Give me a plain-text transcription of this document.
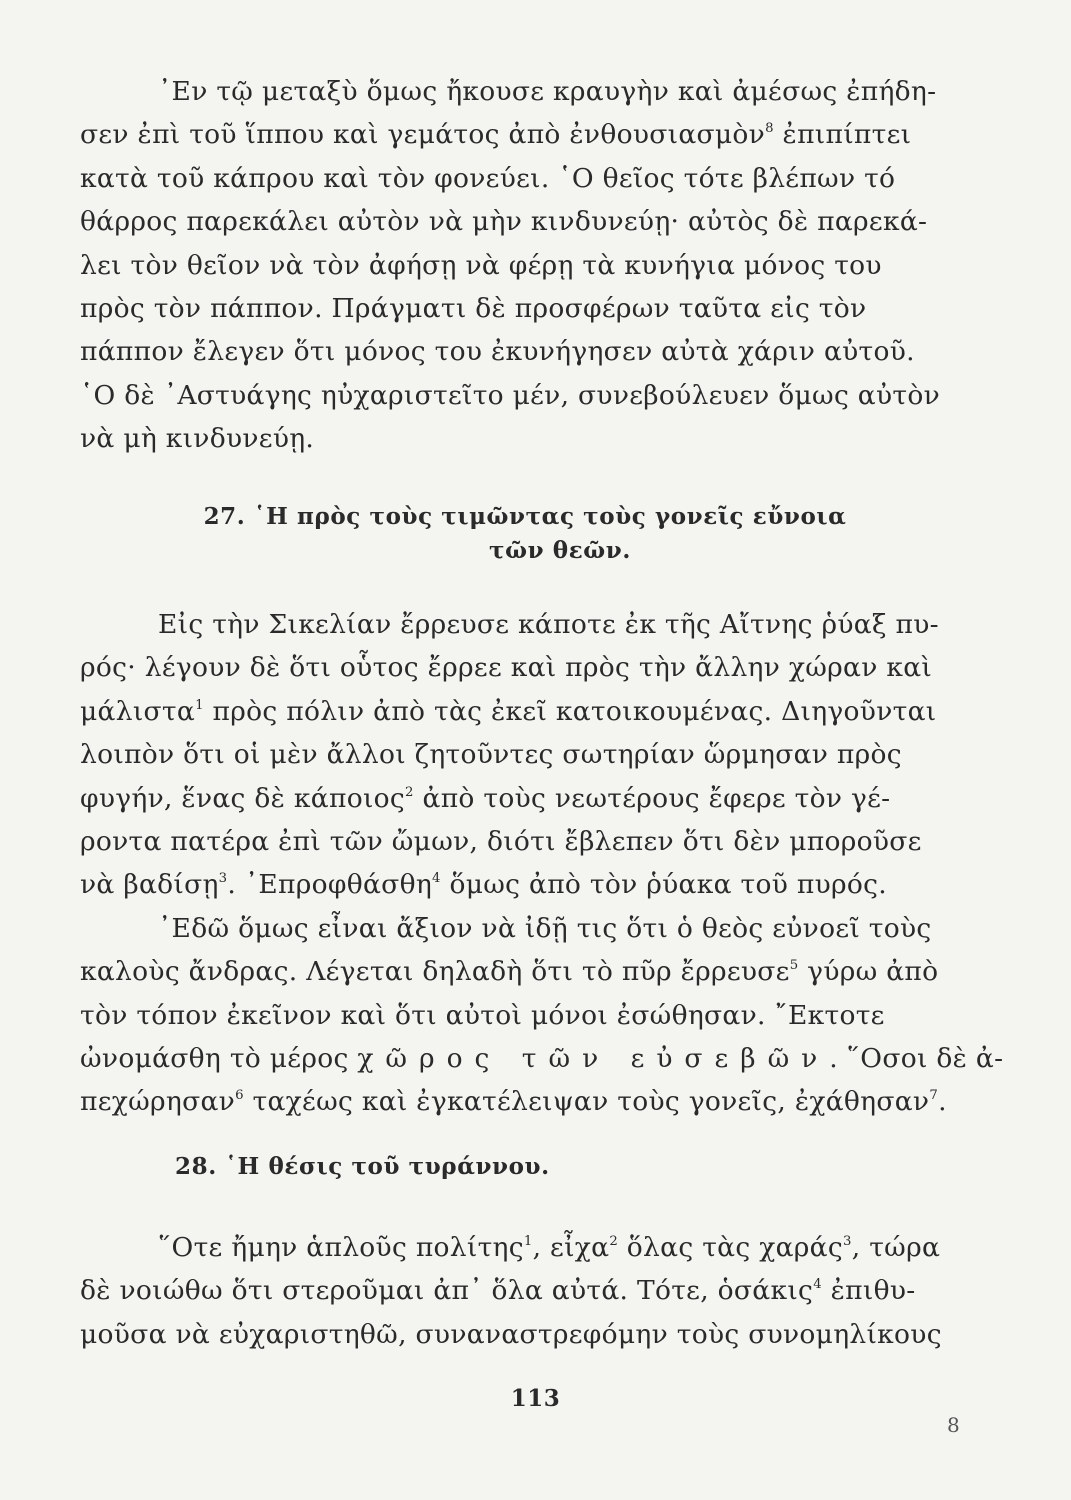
᾿Εν τῷ μεταξὺ ὅμως ἤκουσε κραυγὴν καὶ ἀμέσως ἐπήδη-

σεν ἐπὶ τοῦ ἵππου καὶ γεμάτος ἀπὸ ἐνθουσιασμὸν$^8$ ἐπιπίπτει

κατὰ τοῦ κάπρου καὶ τὸν φονεύει. ῾Ο θεῖος τότε βλέπων τό

θάρρος παρεκάλει αὐτὸν νὰ μὴν κινδυνεύῃ· αὐτὸς δὲ παρεκά-

λει τὸν θεῖον νὰ τὸν ἀφήσῃ νὰ φέρῃ τὰ κυνήγια μόνος του

πρὸς τὸν πάππον. Πράγματι δὲ προσφέρων ταῦτα εἰς τὸν

πάππον ἔλεγεν ὅτι μόνος του ἐκυνήγησεν αὐτὰ χάριν αὐτοῦ.

῾Ο δὲ ᾿Αστυάγης ηὐχαριστεῖτο μέν, συνεβούλευεν ὅμως αὐτὸν

νὰ μὴ κινδυνεύῃ.

27. ῾Η πρὸς τοὺς τιμῶντας τοὺς γονεῖς εὔνοια
τῶν θεῶν.

Εἰς τὴν Σικελίαν ἔρρευσε κάποτε ἐκ τῆς Αἴτνης ῥύαξ πυ-

ρός· λέγουν δὲ ὅτι οὗτος ἔρρεε καὶ πρὸς τὴν ἄλλην χώραν καὶ

μάλιστα$^1$ πρὸς πόλιν ἀπὸ τὰς ἐκεῖ κατοικουμένας. Διηγοῦνται

λοιπὸν ὅτι οἱ μὲν ἄλλοι ζητοῦντες σωτηρίαν ὥρμησαν πρὸς

φυγήν, ἕνας δὲ κάποιος$^2$ ἀπὸ τοὺς νεωτέρους ἔφερε τὸν γέ-

ροντα πατέρα ἐπὶ τῶν ὤμων, διότι ἔβλεπεν ὅτι δὲν μποροῦσε

νὰ βαδίσῃ$^3$. ᾿Επροφθάσθη$^4$ ὅμως ἀπὸ τὸν ῥύακα τοῦ πυρός.

᾿Εδῶ ὅμως εἶναι ἄξιον νὰ ἰδῇ τις ὅτι ὁ θεὸς εὐνοεῖ τοὺς

καλοὺς ἄνδρας. Λέγεται δηλαδὴ ὅτι τὸ πῦρ ἔρρευσε$^5$ γύρω ἀπὸ

τὸν τόπον ἐκεῖνον καὶ ὅτι αὐτοὶ μόνοι ἐσώθησαν. ῎Εκτοτε

ὠνομάσθη τὸ μέρος χῶρος τῶν εὐσεβῶν. ῞Οσοι δὲ ἀ-

πεχώρησαν$^6$ ταχέως καὶ ἐγκατέλειψαν τοὺς γονεῖς, ἐχάθησαν$^7$.

28. ῾Η θέσις τοῦ τυράννου.

῞Οτε ἤμην ἁπλοῦς πολίτης$^1$, εἶχα$^2$ ὅλας τὰς χαράς$^3$, τώρα

δὲ νοιώθω ὅτι στεροῦμαι ἀπ᾿ ὅλα αὐτά. Τότε, ὁσάκις$^4$ ἐπιθυ-

μοῦσα νὰ εὐχαριστηθῶ, συναναστρεφόμην τοὺς συνομηλίκους

113
8
